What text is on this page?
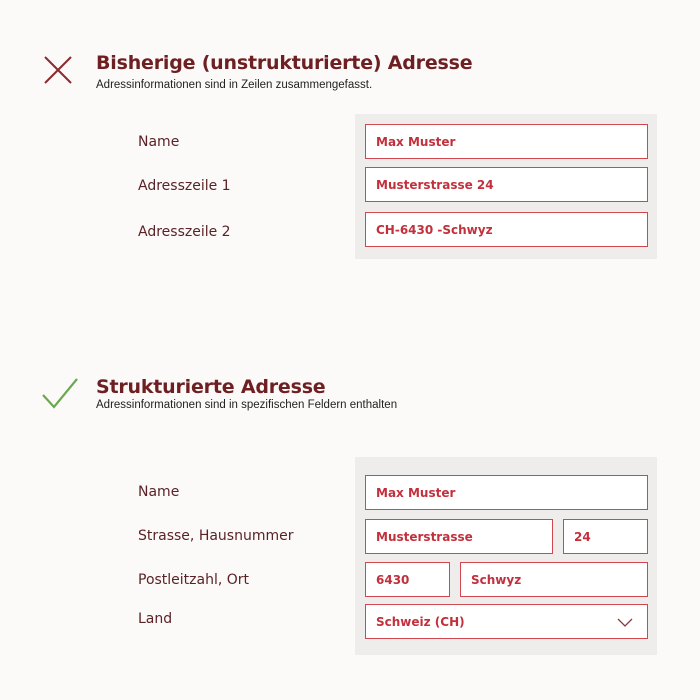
Bisherige (unstrukturierte) Adresse
Adressinformationen sind in Zeilen zusammengefasst.
Name
Adresszeile 1
Adresszeile 2
Max Muster
Musterstrasse 24
CH-6430 -Schwyz
Strukturierte Adresse
Adressinformationen sind in spezifischen Feldern enthalten
Name
Strasse, Hausnummer
Postleitzahl, Ort
Land
Max Muster
Musterstrasse	24
6430	Schwyz
Schweiz (CH)
